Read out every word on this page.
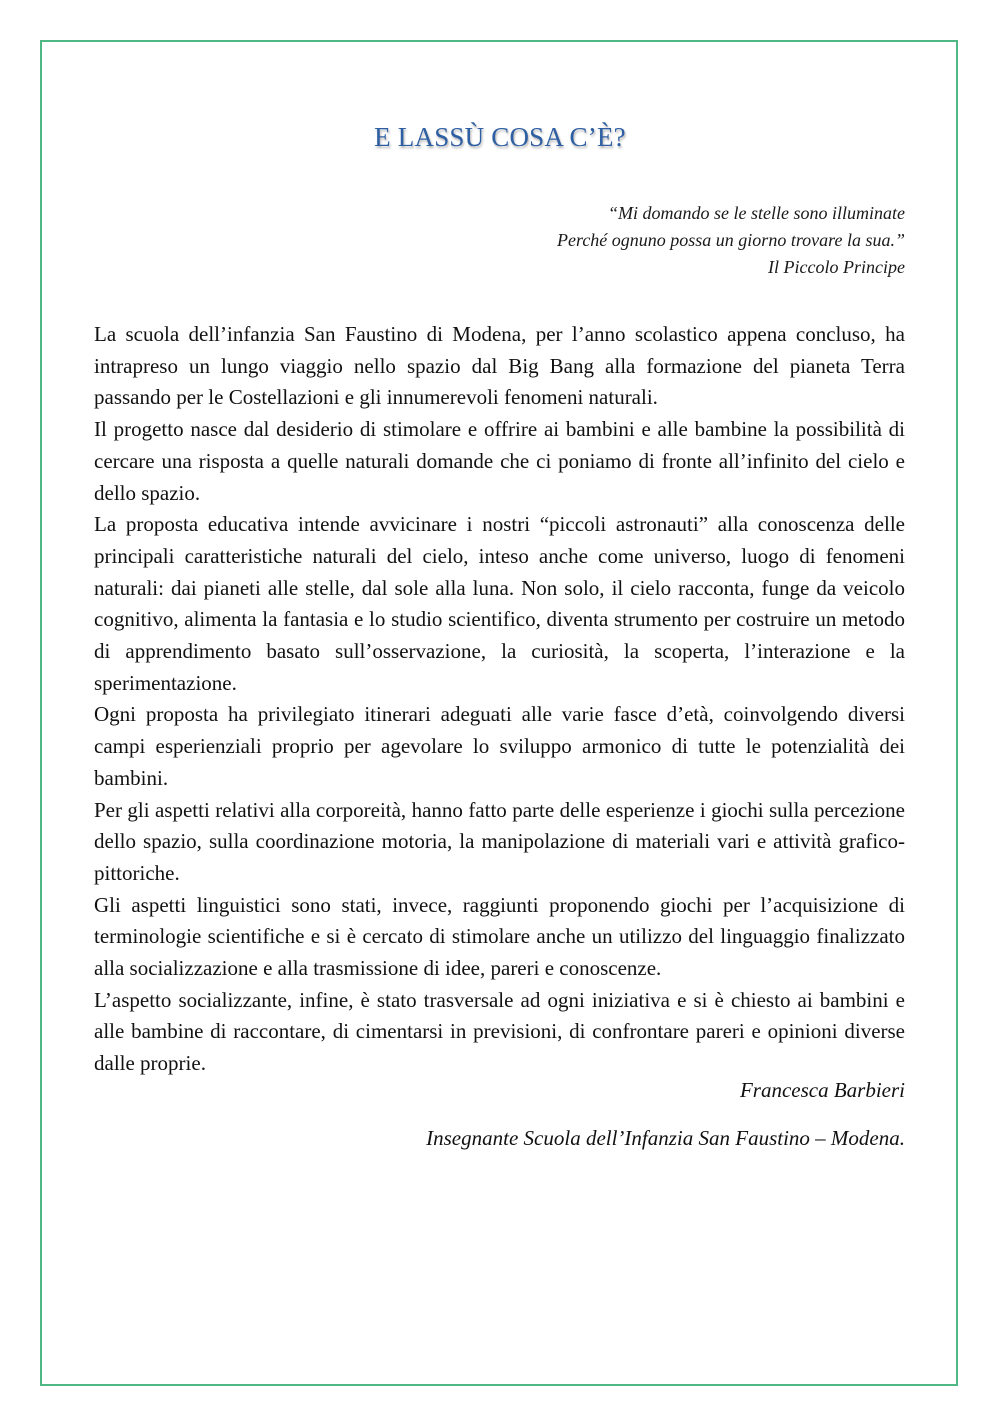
E LASSÙ COSA C’È?
“Mi domando se le stelle sono illuminate
Perché ognuno possa un giorno trovare la sua.”
Il Piccolo Principe

La scuola dell’infanzia San Faustino di Modena, per l’anno scolastico appena concluso, ha intrapreso un lungo viaggio nello spazio dal Big Bang alla formazione del pianeta Terra passando per le Costellazioni e gli innumerevoli fenomeni naturali.

Il progetto nasce dal desiderio di stimolare e offrire ai bambini e alle bambine la possibilità di cercare una risposta a quelle naturali domande che ci poniamo di fronte all’infinito del cielo e dello spazio.

La proposta educativa intende avvicinare i nostri “piccoli astronauti” alla conoscenza delle principali caratteristiche naturali del cielo, inteso anche come universo, luogo di fenomeni naturali: dai pianeti alle stelle, dal sole alla luna. Non solo, il cielo racconta, funge da veicolo cognitivo, alimenta la fantasia e lo studio scientifico, diventa strumento per costruire un metodo di apprendimento basato sull’osservazione, la curiosità, la scoperta, l’interazione e la sperimentazione.

Ogni proposta ha privilegiato itinerari adeguati alle varie fasce d’età, coinvolgendo diversi campi esperienziali proprio per agevolare lo sviluppo armonico di tutte le potenzialità dei bambini.

Per gli aspetti relativi alla corporeità, hanno fatto parte delle esperienze i giochi sulla percezione dello spazio, sulla coordinazione motoria, la manipolazione di materiali vari e attività grafico-pittoriche.

Gli aspetti linguistici sono stati, invece, raggiunti proponendo giochi per l’acquisizione di terminologie scientifiche e si è cercato di stimolare anche un utilizzo del linguaggio finalizzato alla socializzazione e alla trasmissione di idee, pareri e conoscenze.

L’aspetto socializzante, infine, è stato trasversale ad ogni iniziativa e si è chiesto ai bambini e alle bambine di raccontare, di cimentarsi in previsioni, di confrontare pareri e opinioni diverse dalle proprie.

Francesca Barbieri
Insegnante Scuola dell’Infanzia San Faustino – Modena.
